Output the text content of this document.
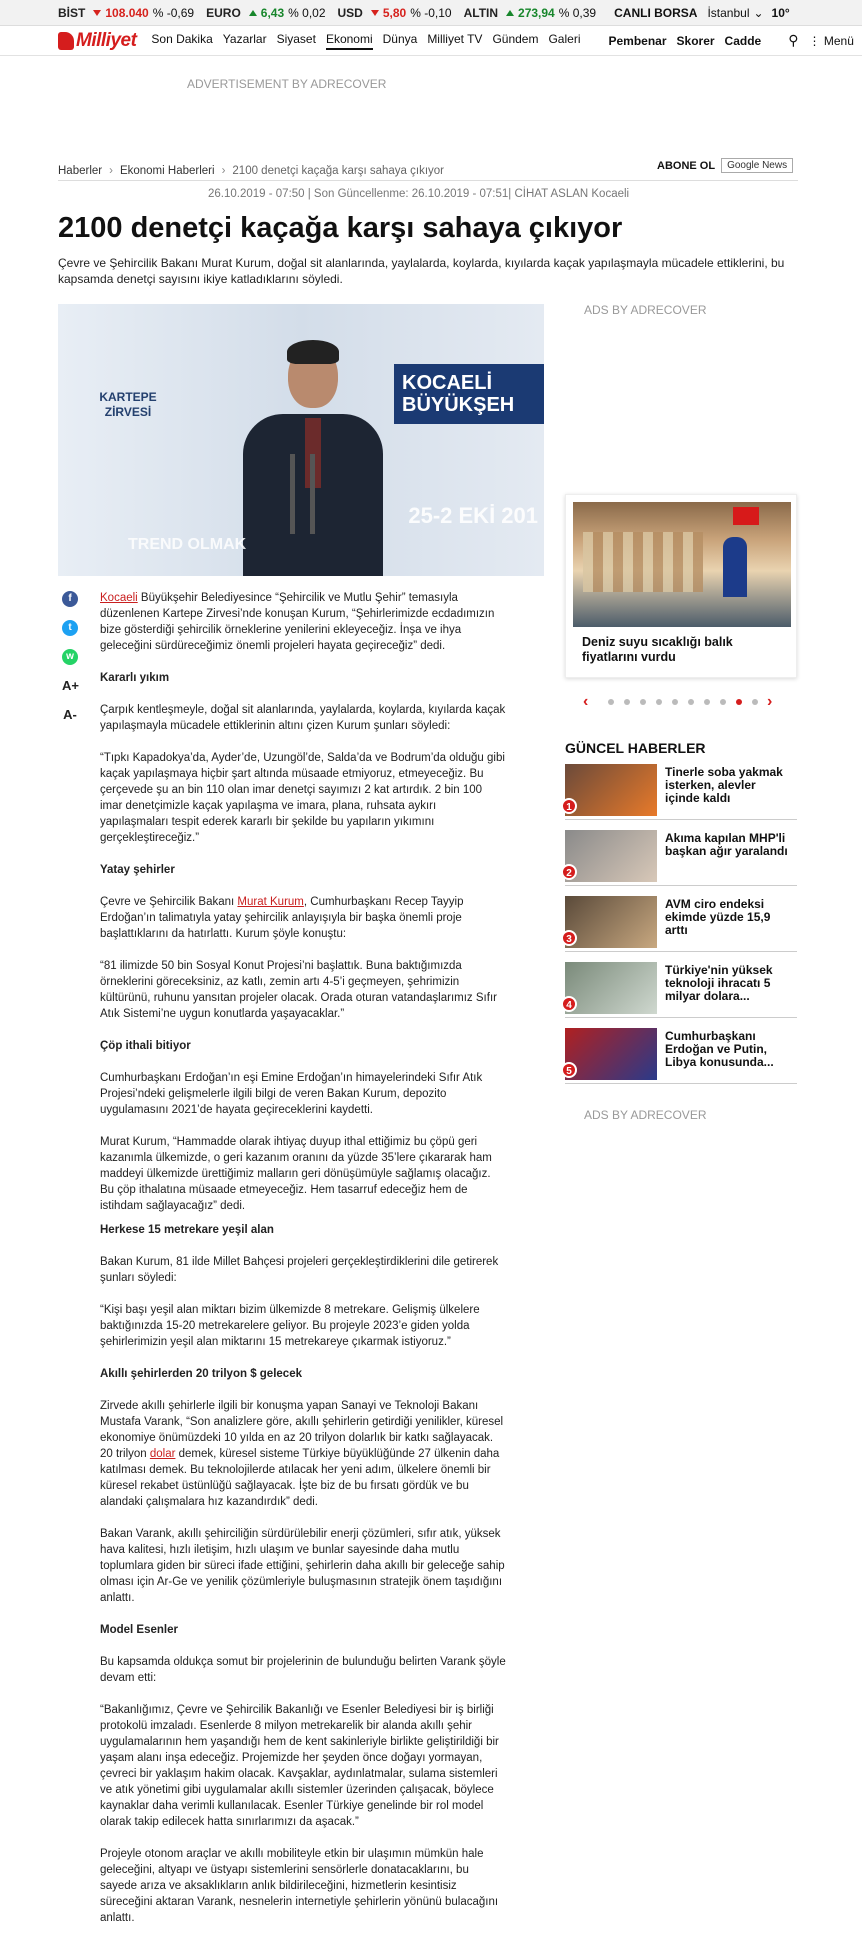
BİST 108.040 %
-0,69 EURO 6,43 %
0,02 USD 5,80 %
-0,10 ALTIN 273,94 %
0,39 CANLI BORSA İstanbul ⌄ 10°
Milliyet Son Dakika Yazarlar Siyaset Ekonomi Dünya Milliyet TV Gündem Galeri Pembenar Skorer Cadde ⚲ ⋮ Menü
ADVERTISEMENT BY ADRECOVER
Haberler › Ekonomi Haberleri › 2100 denetçi kaçağa karşı sahaya çıkıyor	ABONE OL	Google News
26.10.2019 - 07:50 | Son Güncellenme: 26.10.2019 - 07:51| CİHAT ASLAN Kocaeli
2100 denetçi kaçağa karşı sahaya çıkıyor
Çevre ve Şehircilik Bakanı Murat Kurum, doğal sit alanlarında, yaylalarda, koylarda, kıyılarda kaçak yapılaşmayla mücadele ettiklerini, bu kapsamda denetçi sayısını ikiye katladıklarını söyledi.
KARTEPE ZİRVESİ
KOCAELİ BÜYÜKŞEH
TREND OLMAK
25-2 EKİ 201
f
t
w
A+
A-

Kocaeli Büyükşehir Belediyesince “Şehircilik ve Mutlu Şehir” temasıyla düzenlenen Kartepe Zirvesi’nde konuşan Kurum, “Şehirlerimizde ecdadımızın bize gösterdiği şehircilik örneklerine yenilerini ekleyeceğiz. İnşa ve ihya geleceğini sürdüreceğimiz önemli projeleri hayata geçireceğiz” dedi.

Kararlı yıkım

Çarpık kentleşmeyle, doğal sit alanlarında, yaylalarda, koylarda, kıyılarda kaçak yapılaşmayla mücadele ettiklerinin altını çizen Kurum şunları söyledi:

“Tıpkı Kapadokya’da, Ayder’de, Uzungöl’de, Salda’da ve Bodrum’da olduğu gibi kaçak yapılaşmaya hiçbir şart altında müsaade etmiyoruz, etmeyeceğiz. Bu çerçevede şu an bin 110 olan imar denetçi sayımızı 2 kat artırdık. 2 bin 100 imar denetçimizle kaçak yapılaşma ve imara, plana, ruhsata aykırı yapılaşmaları tespit ederek kararlı bir şekilde bu yapıların yıkımını gerçekleştireceğiz.”

Yatay şehirler

Çevre ve Şehircilik Bakanı Murat Kurum, Cumhurbaşkanı Recep Tayyip Erdoğan’ın talimatıyla yatay şehircilik anlayışıyla bir başka önemli proje başlattıklarını da hatırlattı. Kurum şöyle konuştu:

“81 ilimizde 50 bin Sosyal Konut Projesi’ni başlattık. Buna baktığımızda örneklerini göreceksiniz, az katlı, zemin artı 4-5’i geçmeyen, şehrimizin kültürünü, ruhunu yansıtan projeler olacak. Orada oturan vatandaşlarımız Sıfır Atık Sistemi’ne uygun konutlarda yaşayacaklar.”

Çöp ithali bitiyor

Cumhurbaşkanı Erdoğan’ın eşi Emine Erdoğan’ın himayelerindeki Sıfır Atık Projesi’ndeki gelişmelerle ilgili bilgi de veren Bakan Kurum, depozito uygulamasını 2021’de hayata geçireceklerini kaydetti.

Murat Kurum, “Hammadde olarak ihtiyaç duyup ithal ettiğimiz bu çöpü geri kazanımla ülkemizde, o geri kazanım oranını da yüzde 35’lere çıkararak ham maddeyi ülkemizde ürettiğimiz malların geri dönüşümüyle sağlamış olacağız. Bu çöp ithalatına müsaade etmeyeceğiz. Hem tasarruf edeceğiz hem de istihdam sağlayacağız” dedi.

Herkese 15 metrekare yeşil alan

Bakan Kurum, 81 ilde Millet Bahçesi projeleri gerçekleştirdiklerini dile getirerek şunları söyledi:

“Kişi başı yeşil alan miktarı bizim ülkemizde 8 metrekare. Gelişmiş ülkelere baktığınızda 15-20 metrekarelere geliyor. Bu projeyle 2023’e giden yolda şehirlerimizin yeşil alan miktarını 15 metrekareye çıkarmak istiyoruz.”

Akıllı şehirlerden 20 trilyon $ gelecek

Zirvede akıllı şehirlerle ilgili bir konuşma yapan Sanayi ve Teknoloji Bakanı Mustafa Varank, “Son analizlere göre, akıllı şehirlerin getirdiği yenilikler, küresel ekonomiye önümüzdeki 10 yılda en az 20 trilyon dolarlık bir katkı sağlayacak. 20 trilyon dolar demek, küresel sisteme Türkiye büyüklüğünde 27 ülkenin daha katılması demek. Bu teknolojilerde atılacak her yeni adım, ülkelere önemli bir küresel rekabet üstünlüğü sağlayacak. İşte biz de bu fırsatı gördük ve bu alandaki çalışmalara hız kazandırdık” dedi.

Bakan Varank, akıllı şehirciliğin sürdürülebilir enerji çözümleri, sıfır atık, yüksek hava kalitesi, hızlı iletişim, hızlı ulaşım ve bunlar sayesinde daha mutlu toplumlara giden bir süreci ifade ettiğini, şehirlerin daha akıllı bir geleceğe sahip olması için Ar-Ge ve yenilik çözümleriyle buluşmasının stratejik önem taşıdığını anlattı.

Model Esenler

Bu kapsamda oldukça somut bir projelerinin de bulunduğu belirten Varank şöyle devam etti:

“Bakanlığımız, Çevre ve Şehircilik Bakanlığı ve Esenler Belediyesi bir iş birliği protokolü imzaladı. Esenlerde 8 milyon metrekarelik bir alanda akıllı şehir uygulamalarının hem yaşandığı hem de kent sakinleriyle birlikte geliştirildiği bir yaşam alanı inşa edeceğiz. Projemizde her şeyden önce doğayı yormayan, çevreci bir yaklaşım hakim olacak. Kavşaklar, aydınlatmalar, sulama sistemleri ve atık yönetimi gibi uygulamalar akıllı sistemler üzerinden çalışacak, böylece kaynaklar daha verimli kullanılacak. Esenler Türkiye genelinde bir rol model olarak takip edilecek hatta sınırlarımızı da aşacak.”

Projeyle otonom araçlar ve akıllı mobiliteyle etkin bir ulaşımın mümkün hale geleceğini, altyapı ve üstyapı sistemlerini sensörlerle donatacaklarını, bu sayede arıza ve aksaklıkların anlık bildirileceğini, hizmetlerin kesintisiz süreceğini aktaran Varank, nesnelerin internetiyle şehirlerin yönünü bulacağını anlattı.

ADS BY ADRECOVER
Deniz suyu sıcaklığı balık fiyatlarını vurdu
‹	›
GÜNCEL HABERLER
1
Tinerle soba yakmak isterken, alevler içinde kaldı
2
Akıma kapılan MHP'li başkan ağır yaralandı
3
AVM ciro endeksi ekimde yüzde 15,9 arttı
4
Türkiye'nin yüksek teknoloji ihracatı 5 milyar dolara...
5
Cumhurbaşkanı Erdoğan ve Putin, Libya konusunda...
ADS BY ADRECOVER
